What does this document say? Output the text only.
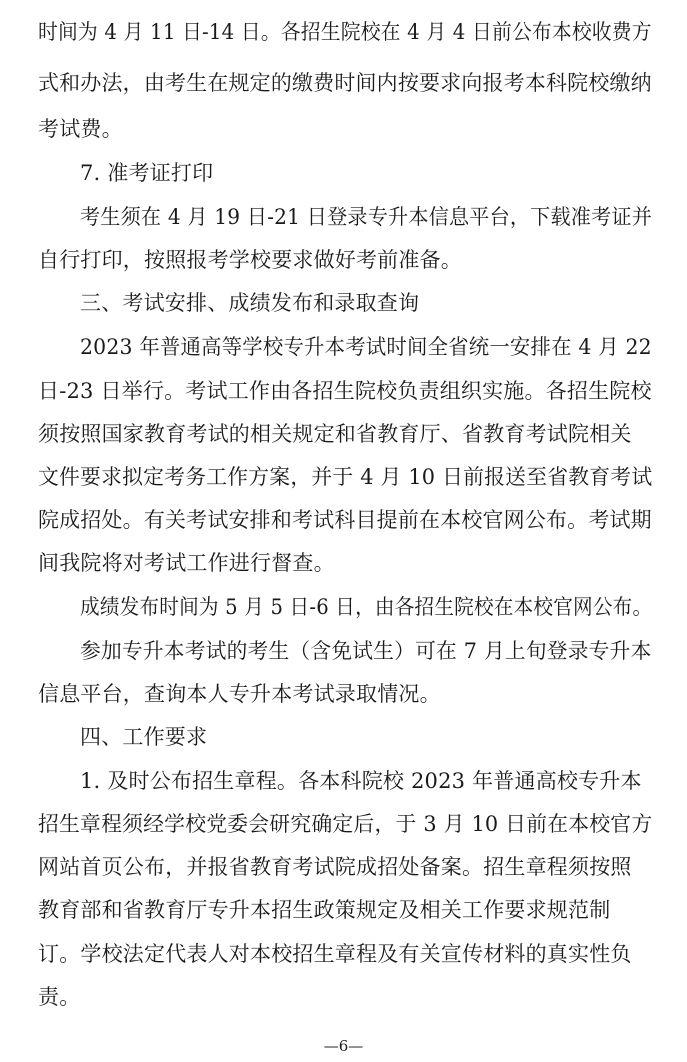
时间为 4 月 11 日-14 日。各招生院校在 4 月 4 日前公布本校收费方
式和办法，由考生在规定的缴费时间内按要求向报考本科院校缴纳
考试费。
7. 准考证打印
考生须在 4 月 19 日-21 日登录专升本信息平台，下载准考证并
自行打印，按照报考学校要求做好考前准备。
三、考试安排、成绩发布和录取查询
2023 年普通高等学校专升本考试时间全省统一安排在 4 月 22
日-23 日举行。考试工作由各招生院校负责组织实施。各招生院校
须按照国家教育考试的相关规定和省教育厅、省教育考试院相关
文件要求拟定考务工作方案，并于 4 月 10 日前报送至省教育考试
院成招处。有关考试安排和考试科目提前在本校官网公布。考试期
间我院将对考试工作进行督查。
成绩发布时间为 5 月 5 日-6 日，由各招生院校在本校官网公布。
参加专升本考试的考生（含免试生）可在 7 月上旬登录专升本
信息平台，查询本人专升本考试录取情况。
四、工作要求
1. 及时公布招生章程。各本科院校 2023 年普通高校专升本
招生章程须经学校党委会研究确定后，于 3 月 10 日前在本校官方
网站首页公布，并报省教育考试院成招处备案。招生章程须按照
教育部和省教育厅专升本招生政策规定及相关工作要求规范制
订。学校法定代表人对本校招生章程及有关宣传材料的真实性负
责。
—6—
